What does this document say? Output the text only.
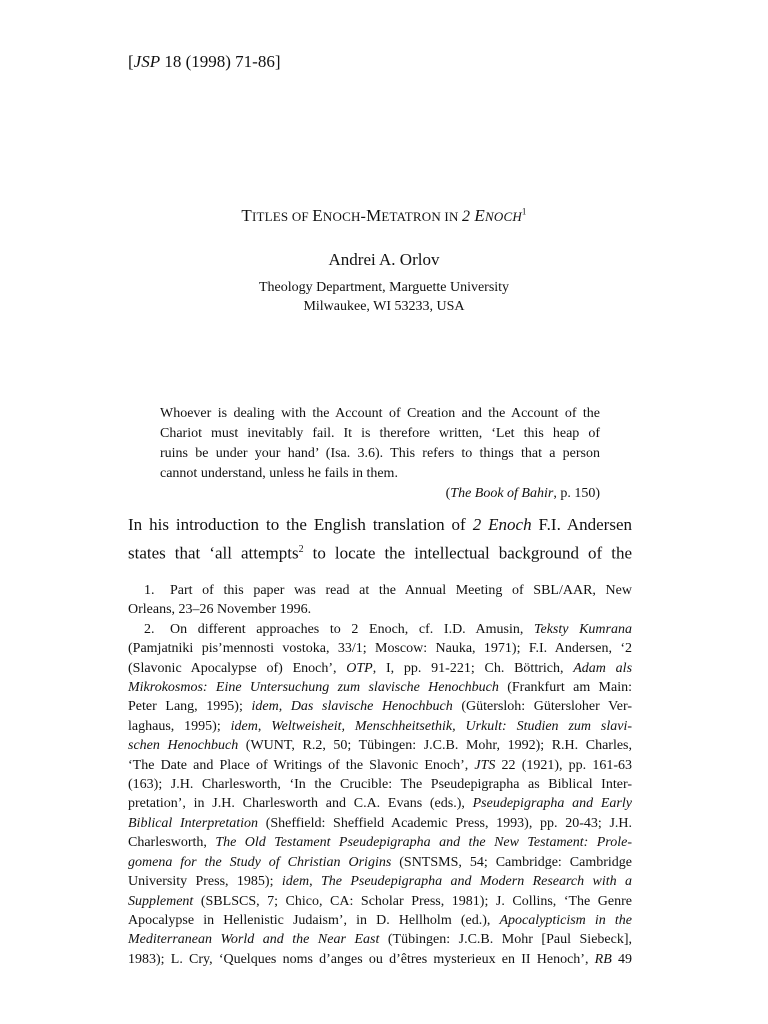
[JSP 18 (1998) 71-86]
TITLES OF ENOCH-METATRON IN 2 ENOCH$^1$
Andrei A. Orlov
Theology Department, Marguette University
Milwaukee, WI 53233, USA
Whoever is dealing with the Account of Creation and the Account of the
Chariot must inevitably fail. It is therefore written, ‘Let this heap of
ruins be under your hand’ (Isa. 3.6). This refers to things that a person
cannot understand, unless he fails in them.
(The Book of Bahir, p. 150)
In his introduction to the English translation of 2 Enoch F.I. Andersen
states that ‘all attempts$^2$ to locate the intellectual background of the

1. Part of this paper was read at the Annual Meeting of SBL/AAR, New
Orleans, 23–26 November 1996.

2. On different approaches to 2 Enoch, cf. I.D. Amusin, Teksty Kumrana
(Pamjatniki pis’mennosti vostoka, 33/1; Moscow: Nauka, 1971); F.I. Andersen, ‘2
(Slavonic Apocalypse of) Enoch’, OTP, I, pp. 91-221; Ch. Böttrich, Adam als
Mikrokosmos: Eine Untersuchung zum slavische Henochbuch (Frankfurt am Main:
Peter Lang, 1995); idem, Das slavische Henochbuch (Gütersloh: Gütersloher Ver-
laghaus, 1995); idem, Weltweisheit, Menschheitsethik, Urkult: Studien zum slavi-
schen Henochbuch (WUNT, R.2, 50; Tübingen: J.C.B. Mohr, 1992); R.H. Charles,
‘The Date and Place of Writings of the Slavonic Enoch’, JTS 22 (1921), pp. 161-63
(163); J.H. Charlesworth, ‘In the Crucible: The Pseudepigrapha as Biblical Inter-
pretation’, in J.H. Charlesworth and C.A. Evans (eds.), Pseudepigrapha and Early
Biblical Interpretation (Sheffield: Sheffield Academic Press, 1993), pp. 20-43; J.H.
Charlesworth, The Old Testament Pseudepigrapha and the New Testament: Prole-
gomena for the Study of Christian Origins (SNTSMS, 54; Cambridge: Cambridge
University Press, 1985); idem, The Pseudepigrapha and Modern Research with a
Supplement (SBLSCS, 7; Chico, CA: Scholar Press, 1981); J. Collins, ‘The Genre
Apocalypse in Hellenistic Judaism’, in D. Hellholm (ed.), Apocalypticism in the
Mediterranean World and the Near East (Tübingen: J.C.B. Mohr [Paul Siebeck],
1983); L. Cry, ‘Quelques noms d’anges ou d’êtres mysterieux en II Henoch’, RB 49
